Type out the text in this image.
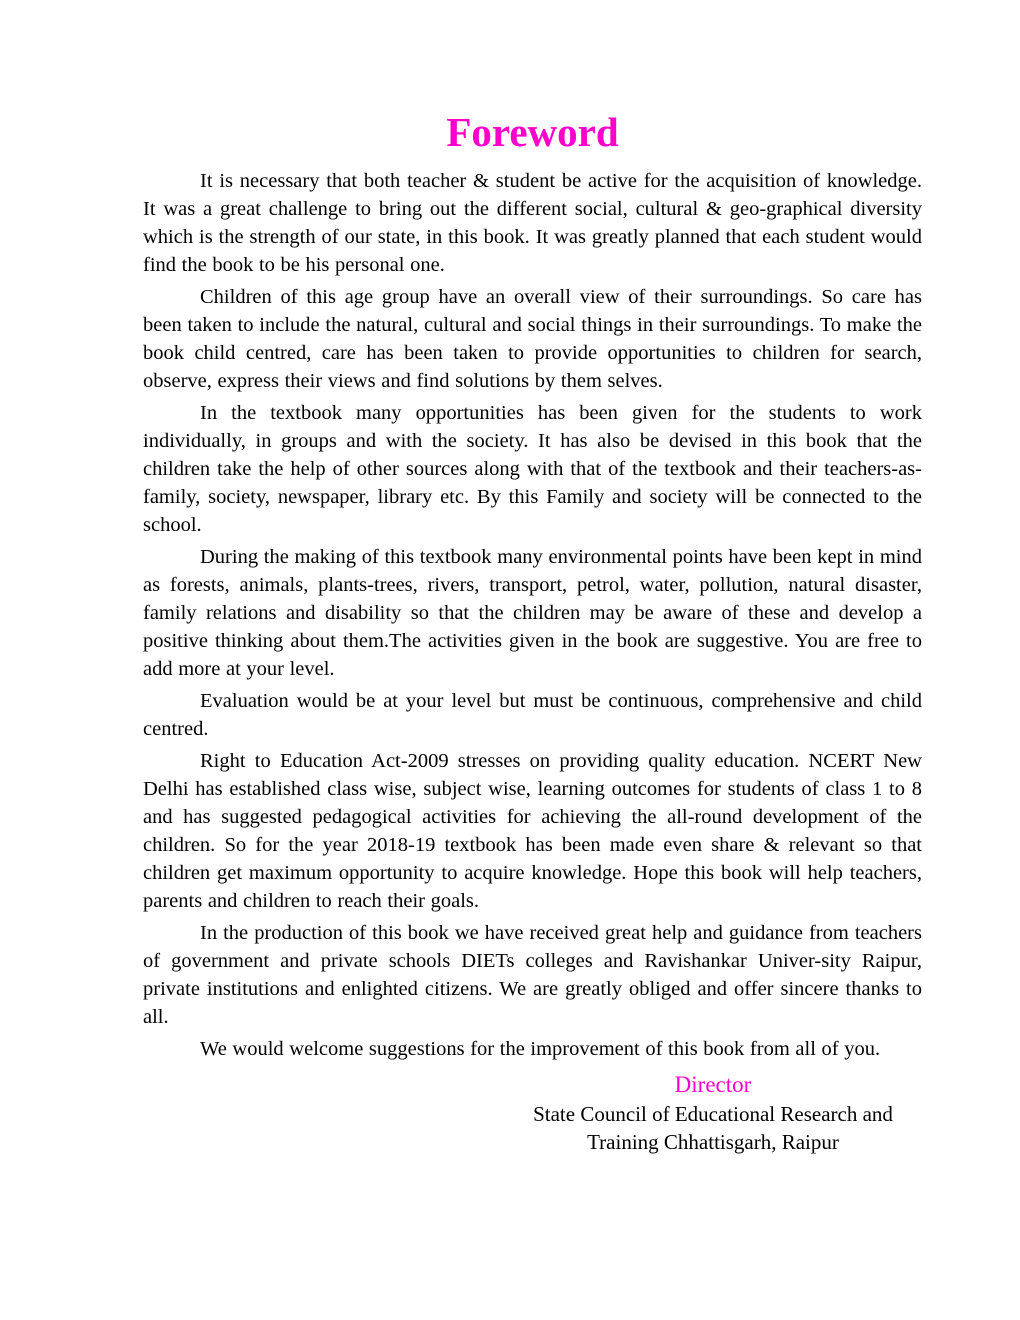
Foreword

It is necessary that both teacher & student be active for the acquisition of knowledge. It was a great challenge to bring out the different social, cultural & geo-graphical diversity which is the strength of our state, in this book. It was greatly planned that each student would find the book to be his personal one.

Children of this age group have an overall view of their surroundings. So care has been taken to include the natural, cultural and social things in their surroundings. To make the book child centred, care has been taken to provide opportunities to children for search, observe, express their views and find solutions by them selves.

In the textbook many opportunities has been given for the students to work individually, in groups and with the society. It has also be devised in this book that the children take the help of other sources along with that of the textbook and their teachers-as-family, society, newspaper, library etc. By this Family and society will be connected to the school.

During the making of this textbook many environmental points have been kept in mind as forests, animals, plants-trees, rivers, transport, petrol, water, pollution, natural disaster, family relations and disability so that the children may be aware of these and develop a positive thinking about them.The activities given in the book are suggestive. You are free to add more at your level.

Evaluation would be at your level but must be continuous, comprehensive and child centred.

Right to Education Act-2009 stresses on providing quality education. NCERT New Delhi has established class wise, subject wise, learning outcomes for students of class 1 to 8 and has suggested pedagogical activities for achieving the all-round development of the children. So for the year 2018-19 textbook has been made even share & relevant so that children get maximum opportunity to acquire knowledge. Hope this book will help teachers, parents and children to reach their goals.

In the production of this book we have received great help and guidance from teachers of government and private schools DIETs colleges and Ravishankar Univer-sity Raipur, private institutions and enlighted citizens. We are greatly obliged and offer sincere thanks to all.

We would welcome suggestions for the improvement of this book from all of you.

Director
State Council of Educational Research and
Training Chhattisgarh, Raipur
